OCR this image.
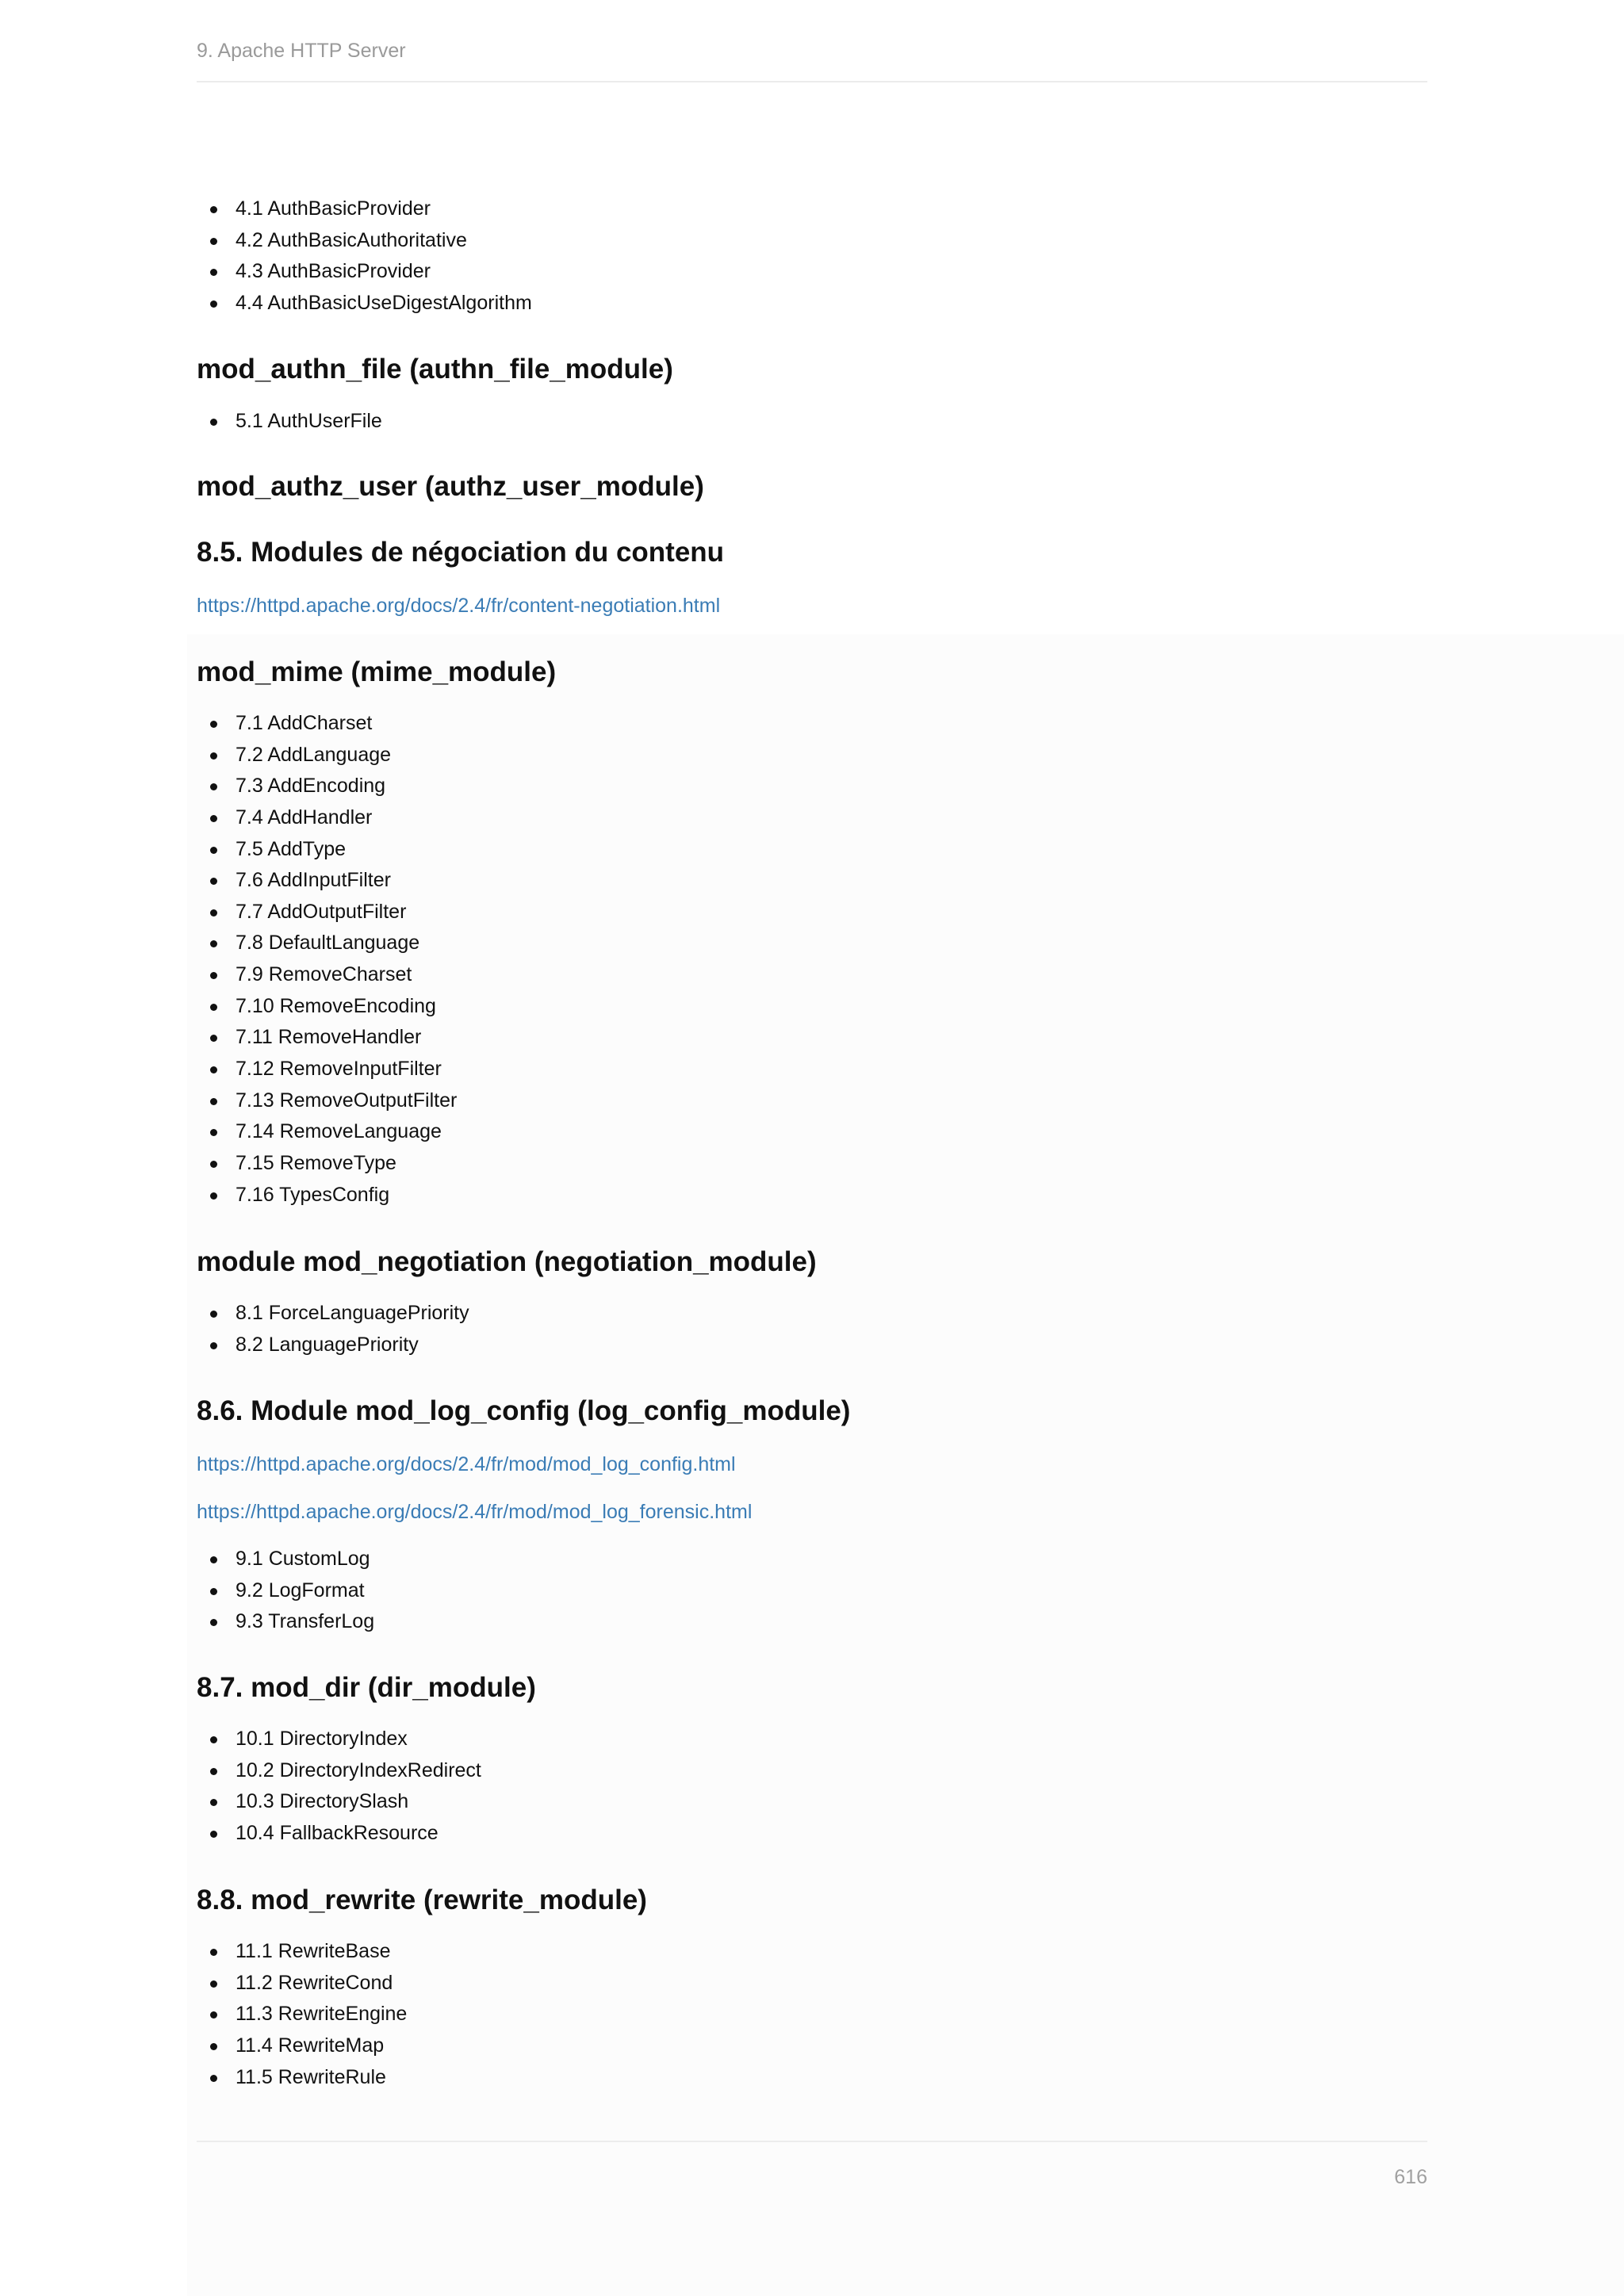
9. Apache HTTP Server
4.1 AuthBasicProvider
4.2 AuthBasicAuthoritative
4.3 AuthBasicProvider
4.4 AuthBasicUseDigestAlgorithm
mod_authn_file (authn_file_module)
5.1 AuthUserFile
mod_authz_user (authz_user_module)
8.5. Modules de négociation du contenu
https://httpd.apache.org/docs/2.4/fr/content-negotiation.html
mod_mime (mime_module)
7.1 AddCharset
7.2 AddLanguage
7.3 AddEncoding
7.4 AddHandler
7.5 AddType
7.6 AddInputFilter
7.7 AddOutputFilter
7.8 DefaultLanguage
7.9 RemoveCharset
7.10 RemoveEncoding
7.11 RemoveHandler
7.12 RemoveInputFilter
7.13 RemoveOutputFilter
7.14 RemoveLanguage
7.15 RemoveType
7.16 TypesConfig
module mod_negotiation (negotiation_module)
8.1 ForceLanguagePriority
8.2 LanguagePriority
8.6. Module mod_log_config (log_config_module)
https://httpd.apache.org/docs/2.4/fr/mod/mod_log_config.html
https://httpd.apache.org/docs/2.4/fr/mod/mod_log_forensic.html
9.1 CustomLog
9.2 LogFormat
9.3 TransferLog
8.7. mod_dir (dir_module)
10.1 DirectoryIndex
10.2 DirectoryIndexRedirect
10.3 DirectorySlash
10.4 FallbackResource
8.8. mod_rewrite (rewrite_module)
11.1 RewriteBase
11.2 RewriteCond
11.3 RewriteEngine
11.4 RewriteMap
11.5 RewriteRule
616
